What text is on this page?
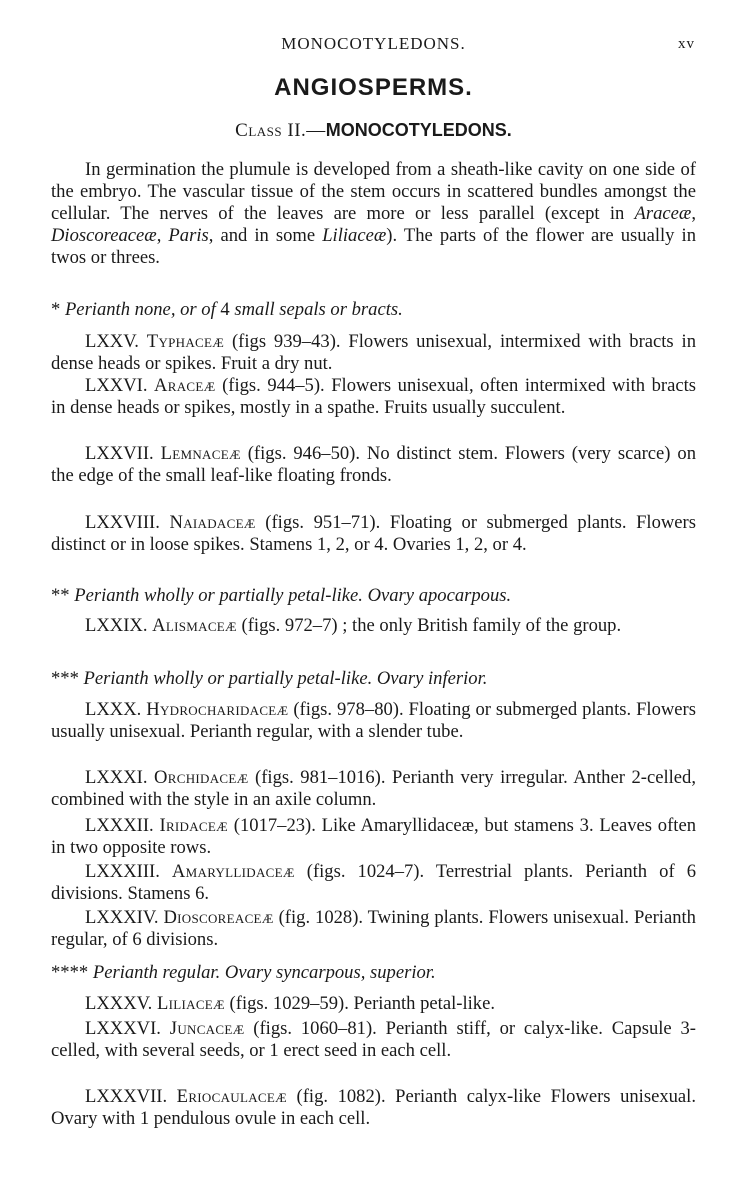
MONOCOTYLEDONS.	xv
ANGIOSPERMS.
Class II.—MONOCOTYLEDONS.

In germination the plumule is developed from a sheath-like cavity on one side of the embryo. The vascular tissue of the stem occurs in scattered bundles amongst the cellular. The nerves of the leaves are more or less parallel (except in Araceæ, Dioscoreaceæ, Paris, and in some Liliaceæ). The parts of the flower are usually in twos or threes.

* Perianth none, or of 4 small sepals or bracts.

LXXV. Typhaceæ (figs 939–43). Flowers unisexual, intermixed with bracts in dense heads or spikes. Fruit a dry nut.

LXXVI. Araceæ (figs. 944–5). Flowers unisexual, often intermixed with bracts in dense heads or spikes, mostly in a spathe. Fruits usually succulent.

LXXVII. Lemnaceæ (figs. 946–50). No distinct stem. Flowers (very scarce) on the edge of the small leaf-like floating fronds.

LXXVIII. Naiadaceæ (figs. 951–71). Floating or submerged plants. Flowers distinct or in loose spikes. Stamens 1, 2, or 4. Ovaries 1, 2, or 4.

** Perianth wholly or partially petal-like. Ovary apocarpous.

LXXIX. Alismaceæ (figs. 972–7) ; the only British family of the group.

*** Perianth wholly or partially petal-like. Ovary inferior.

LXXX. Hydrocharidaceæ (figs. 978–80). Floating or submerged plants. Flowers usually unisexual. Perianth regular, with a slender tube.

LXXXI. Orchidaceæ (figs. 981–1016). Perianth very irregular. Anther 2-celled, combined with the style in an axile column.

LXXXII. Iridaceæ (1017–23). Like Amaryllidaceæ, but stamens 3. Leaves often in two opposite rows.

LXXXIII. Amaryllidaceæ (figs. 1024–7). Terrestrial plants. Perianth of 6 divisions. Stamens 6.

LXXXIV. Dioscoreaceæ (fig. 1028). Twining plants. Flowers unisexual. Perianth regular, of 6 divisions.

**** Perianth regular. Ovary syncarpous, superior.

LXXXV. Liliaceæ (figs. 1029–59). Perianth petal-like.

LXXXVI. Juncaceæ (figs. 1060–81). Perianth stiff, or calyx-like. Capsule 3-celled, with several seeds, or 1 erect seed in each cell.

LXXXVII. Eriocaulaceæ (fig. 1082). Perianth calyx-like Flowers unisexual. Ovary with 1 pendulous ovule in each cell.
